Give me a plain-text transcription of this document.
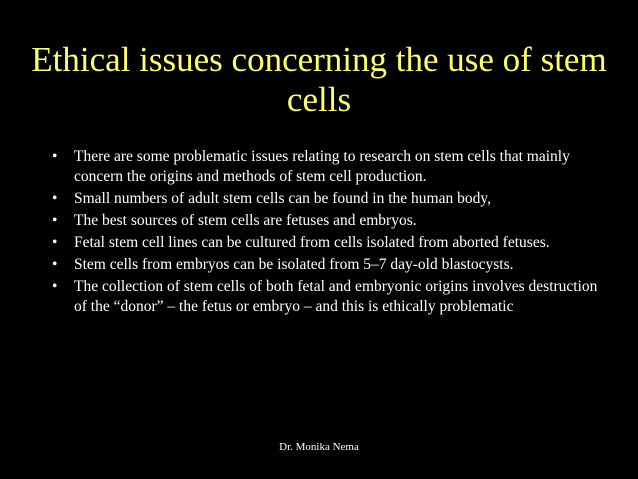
Ethical issues concerning the use of stem cells
• There are some problematic issues relating to research on stem cells that mainly concern the origins and methods of stem cell production.
• Small numbers of adult stem cells can be found in the human body,
• The best sources of stem cells are fetuses and embryos.
• Fetal stem cell lines can be cultured from cells isolated from aborted fetuses.
• Stem cells from embryos can be isolated from 5–7 day-old blastocysts.
• The collection of stem cells of both fetal and embryonic origins involves destruction of the “donor” – the fetus or embryo – and this is ethically problematic
Dr. Monika Nema
